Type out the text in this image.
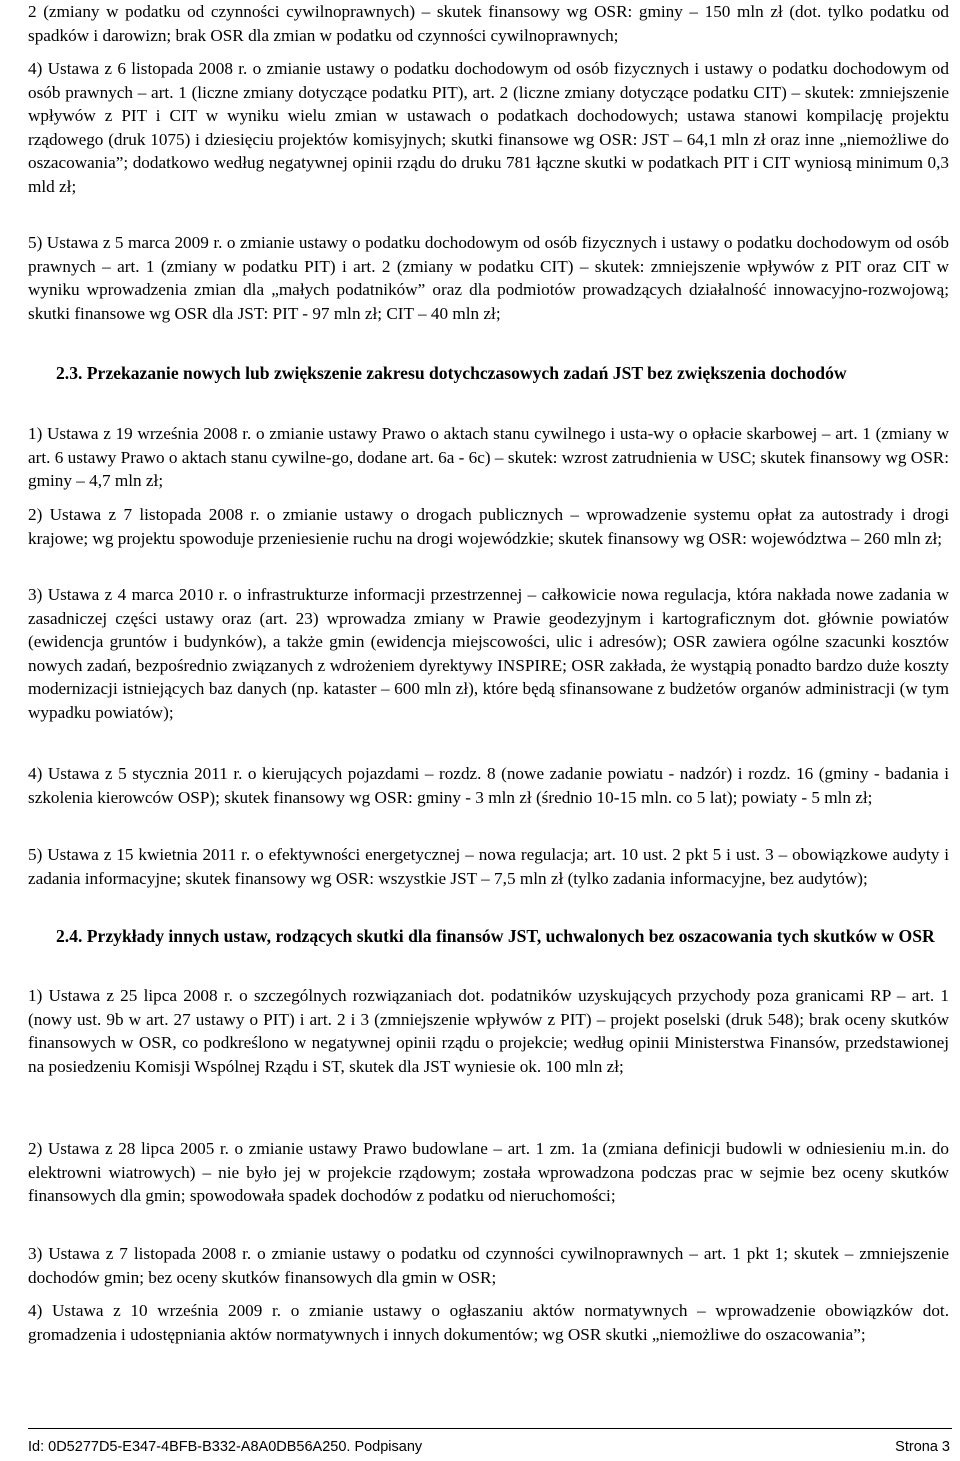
2 (zmiany w podatku od czynności cywilnoprawnych) – skutek finansowy wg OSR: gminy – 150 mln zł (dot. tylko podatku od spadków i darowizn; brak OSR dla zmian w podatku od czynności cywilnoprawnych;

4) Ustawa z 6 listopada 2008 r. o zmianie ustawy o podatku dochodowym od osób fizycznych i ustawy o podatku dochodowym od osób prawnych – art. 1 (liczne zmiany dotyczące podatku PIT), art. 2 (liczne zmiany dotyczące podatku CIT) – skutek: zmniejszenie wpływów z PIT i CIT w wyniku wielu zmian w ustawach o podatkach dochodowych; ustawa stanowi kompilację projektu rządowego (druk 1075) i dziesięciu projektów komisyjnych; skutki finansowe wg OSR: JST – 64,1 mln zł oraz inne „niemożliwe do oszacowania”; dodatkowo według negatywnej opinii rządu do druku 781 łączne skutki w podatkach PIT i CIT wyniosą minimum 0,3 mld zł;

5) Ustawa z 5 marca 2009 r. o zmianie ustawy o podatku dochodowym od osób fizycznych i ustawy o podatku dochodowym od osób prawnych – art. 1 (zmiany w podatku PIT) i art. 2 (zmiany w podatku CIT) – skutek: zmniejszenie wpływów z PIT oraz CIT w wyniku wprowadzenia zmian dla „małych podatników” oraz dla podmiotów prowadzących działalność innowacyjno-rozwojową; skutki finansowe wg OSR dla JST: PIT - 97 mln zł; CIT – 40 mln zł;

2.3. Przekazanie nowych lub zwiększenie zakresu dotychczasowych zadań JST bez zwiększenia dochodów

1) Ustawa z 19 września 2008 r. o zmianie ustawy Prawo o aktach stanu cywilnego i usta-wy o opłacie skarbowej – art. 1 (zmiany w art. 6 ustawy Prawo o aktach stanu cywilne-go, dodane art. 6a - 6c) – skutek: wzrost zatrudnienia w USC; skutek finansowy wg OSR: gminy – 4,7 mln zł;

2) Ustawa z 7 listopada 2008 r. o zmianie ustawy o drogach publicznych – wprowadzenie systemu opłat za autostrady i drogi krajowe; wg projektu spowoduje przeniesienie ruchu na drogi wojewódzkie; skutek finansowy wg OSR: województwa – 260 mln zł;

3) Ustawa z 4 marca 2010 r. o infrastrukturze informacji przestrzennej – całkowicie nowa regulacja, która nakłada nowe zadania w zasadniczej części ustawy oraz (art. 23) wprowadza zmiany w Prawie geodezyjnym i kartograficznym dot. głównie powiatów (ewidencja gruntów i budynków), a także gmin (ewidencja miejscowości, ulic i adresów); OSR zawiera ogólne szacunki kosztów nowych zadań, bezpośrednio związanych z wdrożeniem dyrektywy INSPIRE; OSR zakłada, że wystąpią ponadto bardzo duże koszty modernizacji istniejących baz danych (np. kataster – 600 mln zł), które będą sfinansowane z budżetów organów administracji (w tym wypadku powiatów);

4) Ustawa z 5 stycznia 2011 r. o kierujących pojazdami – rozdz. 8 (nowe zadanie powiatu - nadzór) i rozdz. 16 (gminy - badania i szkolenia kierowców OSP); skutek finansowy wg OSR: gminy - 3 mln zł (średnio 10-15 mln. co 5 lat); powiaty - 5 mln zł;

5) Ustawa z 15 kwietnia 2011 r. o efektywności energetycznej – nowa regulacja; art. 10 ust. 2 pkt 5 i ust. 3 – obowiązkowe audyty i zadania informacyjne; skutek finansowy wg OSR: wszystkie JST – 7,5 mln zł (tylko zadania informacyjne, bez audytów);

2.4. Przykłady innych ustaw, rodzących skutki dla finansów JST, uchwalonych bez oszacowania tych skutków w OSR

1) Ustawa z 25 lipca 2008 r. o szczególnych rozwiązaniach dot. podatników uzyskujących przychody poza granicami RP – art. 1 (nowy ust. 9b w art. 27 ustawy o PIT) i art. 2 i 3 (zmniejszenie wpływów z PIT) – projekt poselski (druk 548); brak oceny skutków finansowych w OSR, co podkreślono w negatywnej opinii rządu o projekcie; według opinii Ministerstwa Finansów, przedstawionej na posiedzeniu Komisji Wspólnej Rządu i ST, skutek dla JST wyniesie ok. 100 mln zł;

2) Ustawa z 28 lipca 2005 r. o zmianie ustawy Prawo budowlane – art. 1 zm. 1a (zmiana definicji budowli w odniesieniu m.in. do elektrowni wiatrowych) – nie było jej w projekcie rządowym; została wprowadzona podczas prac w sejmie bez oceny skutków finansowych dla gmin; spowodowała spadek dochodów z podatku od nieruchomości;

3) Ustawa z 7 listopada 2008 r. o zmianie ustawy o podatku od czynności cywilnoprawnych – art. 1 pkt 1; skutek – zmniejszenie dochodów gmin; bez oceny skutków finansowych dla gmin w OSR;

4) Ustawa z 10 września 2009 r. o zmianie ustawy o ogłaszaniu aktów normatywnych – wprowadzenie obowiązków dot. gromadzenia i udostępniania aktów normatywnych i innych dokumentów; wg OSR skutki „niemożliwe do oszacowania”;

Id: 0D5277D5-E347-4BFB-B332-A8A0DB56A250. Podpisany	Strona 3
